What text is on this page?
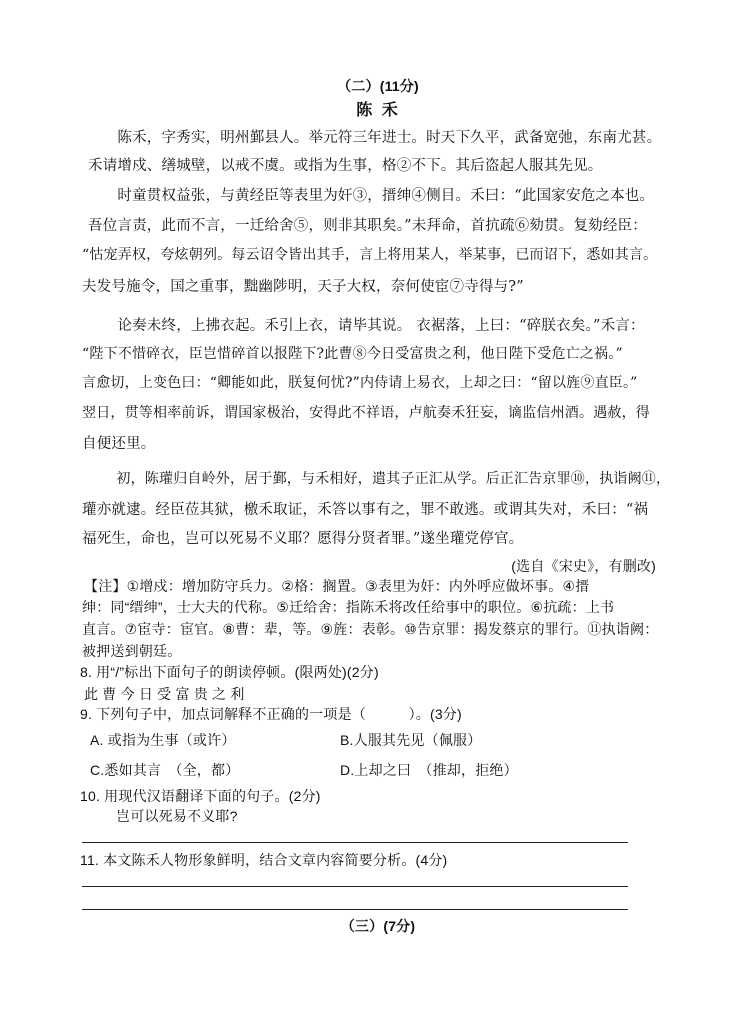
（二）(11分)
陈 禾
　　陈禾，字秀实，明州鄞县人。举元符三年进士。时天下久平，武备宽弛，东南尤甚。
禾请增戍、缮城壁，以戒不虞。或指为生事，格②不下。其后盗起人服其先见。
　　时童贯权益张，与黄经臣等表里为奸③，搢绅④侧目。禾曰：“此国家安危之本也。
吾位言责，此而不言，一迁给舍⑤，则非其职矣。”未拜命，首抗疏⑥劾贯。复劾经臣：
“怙宠弄权，夸炫朝列。每云诏令皆出其手，言上将用某人，举某事，已而诏下，悉如其言。
夫发号施令，国之重事，黜幽陟明，天子大权，奈何使宦⑦寺得与?”
　　论奏未终，上拂衣起。禾引上衣，请毕其说。 衣裾落，上曰：“碎朕衣矣。”禾言：
“陛下不惜碎衣，臣岂惜碎首以报陛下?此曹⑧今日受富贵之利，他日陛下受危亡之祸。”
言愈切，上变色曰：“卿能如此，朕复何忧?”内侍请上易衣，上却之曰：“留以旌⑨直臣。”
翌日，贯等相率前诉，谓国家极治，安得此不祥语，卢航奏禾狂妄，谪监信州酒。遇赦，得
自便还里。
　　初，陈瓘归自岭外，居于鄞，与禾相好，遣其子正汇从学。后正汇告京罪⑩，执诣阙⑪，
瓘亦就逮。经臣莅其狱，檄禾取证，禾答以事有之，罪不敢逃。或谓其失对，禾曰：“祸
福死生，命也，岂可以死易不义耶？愿得分贤者罪。”遂坐瓘党停官。
(选自《宋史》，有删改)
【注】①增戍：增加防守兵力。②格：搁置。③表里为奸：内外呼应做坏事。④搢
绅：同“缙绅”，士大夫的代称。⑤迁给舍：指陈禾将改任给事中的职位。⑥抗疏：上书
直言。⑦宦寺：宦官。⑧曹：辈，等。⑨旌：表彰。⑩告京罪：揭发蔡京的罪行。⑪执诣阙：
被押送到朝廷。
8. 用“/”标出下面句子的朗读停顿。(限两处)(2分)
此 曹 今 日 受 富 贵 之 利
9. 下列句子中，加点词解释不正确的一项是（　　　）。(3分)
A. 或指为生事（或许）	B.人服其先见（佩服）
C.悉如其言　（全，都）	D.上却之曰　（推却，拒绝）
10. 用现代汉语翻译下面的句子。(2分)
岂可以死易不义耶?
11. 本文陈禾人物形象鲜明，结合文章内容简要分析。(4分)
（三）(7分)
